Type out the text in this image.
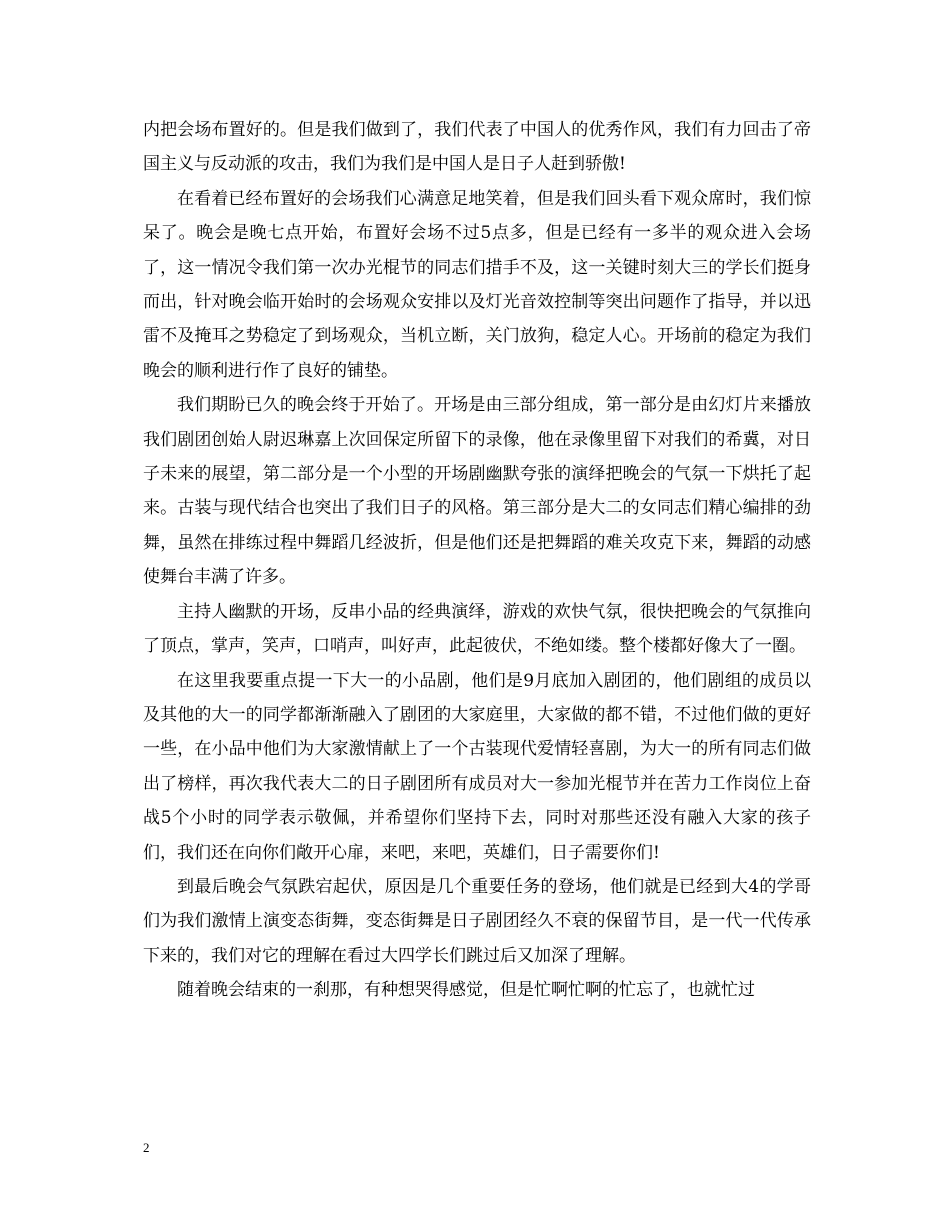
内把会场布置好的。但是我们做到了，我们代表了中国人的优秀作风，我们有力回击了帝国主义与反动派的攻击，我们为我们是中国人是日子人赶到骄傲!

在看着已经布置好的会场我们心满意足地笑着，但是我们回头看下观众席时，我们惊呆了。晚会是晚七点开始，布置好会场不过5点多，但是已经有一多半的观众进入会场了，这一情况令我们第一次办光棍节的同志们措手不及，这一关键时刻大三的学长们挺身而出，针对晚会临开始时的会场观众安排以及灯光音效控制等突出问题作了指导，并以迅雷不及掩耳之势稳定了到场观众，当机立断，关门放狗，稳定人心。开场前的稳定为我们晚会的顺利进行作了良好的铺垫。

我们期盼已久的晚会终于开始了。开场是由三部分组成，第一部分是由幻灯片来播放我们剧团创始人尉迟琳嘉上次回保定所留下的录像，他在录像里留下对我们的希冀，对日子未来的展望，第二部分是一个小型的开场剧幽默夸张的演绎把晚会的气氛一下烘托了起来。古装与现代结合也突出了我们日子的风格。第三部分是大二的女同志们精心编排的劲舞，虽然在排练过程中舞蹈几经波折，但是他们还是把舞蹈的难关攻克下来，舞蹈的动感使舞台丰满了许多。

主持人幽默的开场，反串小品的经典演绎，游戏的欢快气氛，很快把晚会的气氛推向了顶点，掌声，笑声，口哨声，叫好声，此起彼伏，不绝如缕。整个楼都好像大了一圈。

在这里我要重点提一下大一的小品剧，他们是9月底加入剧团的，他们剧组的成员以及其他的大一的同学都渐渐融入了剧团的大家庭里，大家做的都不错，不过他们做的更好一些，在小品中他们为大家激情献上了一个古装现代爱情轻喜剧，为大一的所有同志们做出了榜样，再次我代表大二的日子剧团所有成员对大一参加光棍节并在苦力工作岗位上奋战5个小时的同学表示敬佩，并希望你们坚持下去，同时对那些还没有融入大家的孩子们，我们还在向你们敞开心扉，来吧，来吧，英雄们，日子需要你们!

到最后晚会气氛跌宕起伏，原因是几个重要任务的登场，他们就是已经到大4的学哥们为我们激情上演变态街舞，变态街舞是日子剧团经久不衰的保留节目，是一代一代传承下来的，我们对它的理解在看过大四学长们跳过后又加深了理解。

随着晚会结束的一刹那，有种想哭得感觉，但是忙啊忙啊的忙忘了，也就忙过

2
